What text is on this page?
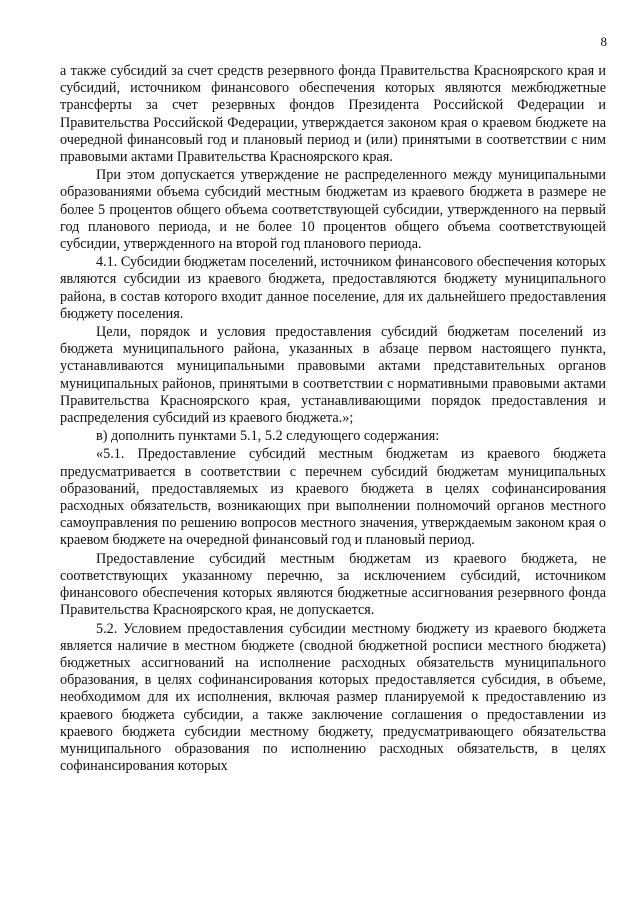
8

а также субсидий за счет средств резервного фонда Правительства Красноярского края и субсидий, источником финансового обеспечения которых являются межбюджетные трансферты за счет резервных фондов Президента Российской Федерации и Правительства Российской Федерации, утверждается законом края о краевом бюджете на очередной финансовый год и плановый период и (или) принятыми в соответствии с ним правовыми актами Правительства Красноярского края.

При этом допускается утверждение не распределенного между муниципальными образованиями объема субсидий местным бюджетам из краевого бюджета в размере не более 5 процентов общего объема соответствующей субсидии, утвержденного на первый год планового периода, и не более 10 процентов общего объема соответствующей субсидии, утвержденного на второй год планового периода.

4.1. Субсидии бюджетам поселений, источником финансового обеспечения которых являются субсидии из краевого бюджета, предоставляются бюджету муниципального района, в состав которого входит данное поселение, для их дальнейшего предоставления бюджету поселения.

Цели, порядок и условия предоставления субсидий бюджетам поселений из бюджета муниципального района, указанных в абзаце первом настоящего пункта, устанавливаются муниципальными правовыми актами представительных органов муниципальных районов, принятыми в соответствии с нормативными правовыми актами Правительства Красноярского края, устанавливающими порядок предоставления и распределения субсидий из краевого бюджета.»;

в) дополнить пунктами 5.1, 5.2 следующего содержания:

«5.1. Предоставление субсидий местным бюджетам из краевого бюджета предусматривается в соответствии с перечнем субсидий бюджетам муниципальных образований, предоставляемых из краевого бюджета в целях софинансирования расходных обязательств, возникающих при выполнении полномочий органов местного самоуправления по решению вопросов местного значения, утверждаемым законом края о краевом бюджете на очередной финансовый год и плановый период.

Предоставление субсидий местным бюджетам из краевого бюджета, не соответствующих указанному перечню, за исключением субсидий, источником финансового обеспечения которых являются бюджетные ассигнования резервного фонда Правительства Красноярского края, не допускается.

5.2. Условием предоставления субсидии местному бюджету из краевого бюджета является наличие в местном бюджете (сводной бюджетной росписи местного бюджета) бюджетных ассигнований на исполнение расходных обязательств муниципального образования, в целях софинансирования которых предоставляется субсидия, в объеме, необходимом для их исполнения, включая размер планируемой к предоставлению из краевого бюджета субсидии, а также заключение соглашения о предоставлении из краевого бюджета субсидии местному бюджету, предусматривающего обязательства муниципального образования по исполнению расходных обязательств, в целях софинансирования которых
